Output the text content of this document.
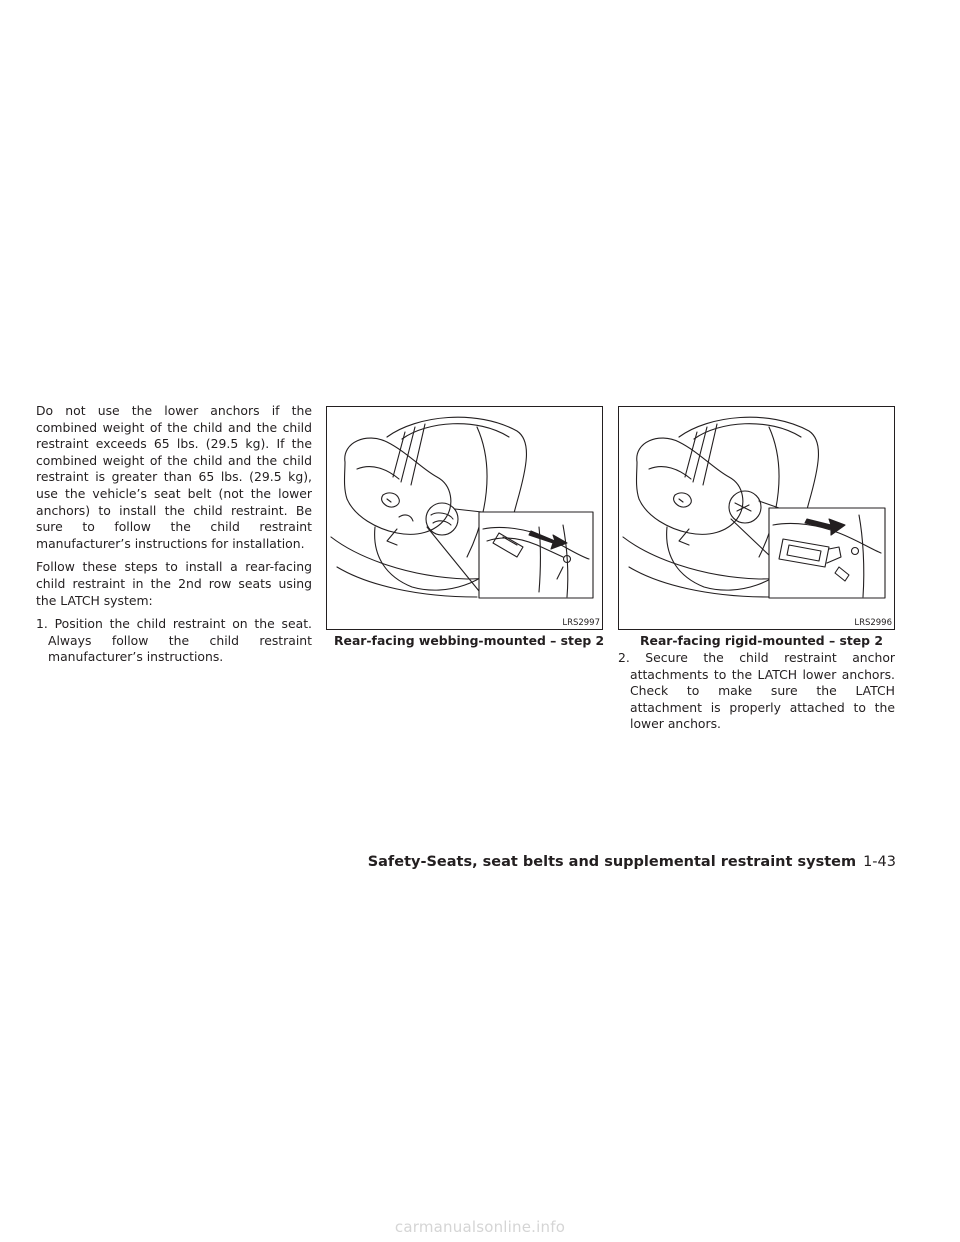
Do not use the lower anchors if the combined weight of the child and the child restraint exceeds 65 lbs. (29.5 kg). If the combined weight of the child and the child restraint is greater than 65 lbs. (29.5 kg), use the vehicle’s seat belt (not the lower anchors) to install the child restraint. Be sure to follow the child restraint manufacturer’s instructions for installation.

Follow these steps to install a rear-facing child restraint in the 2nd row seats using the LATCH system:

1. Position the child restraint on the seat. Always follow the child restraint manufacturer’s instructions.

LRS2997	LRS2996
Rear-facing webbing-mounted – step 2	Rear-facing rigid-mounted – step 2
2. Secure the child restraint anchor attachments to the LATCH lower anchors. Check to make sure the LATCH attachment is properly attached to the lower anchors.
Safety-Seats, seat belts and supplemental restraint system 1-43
carmanualsonline.info
